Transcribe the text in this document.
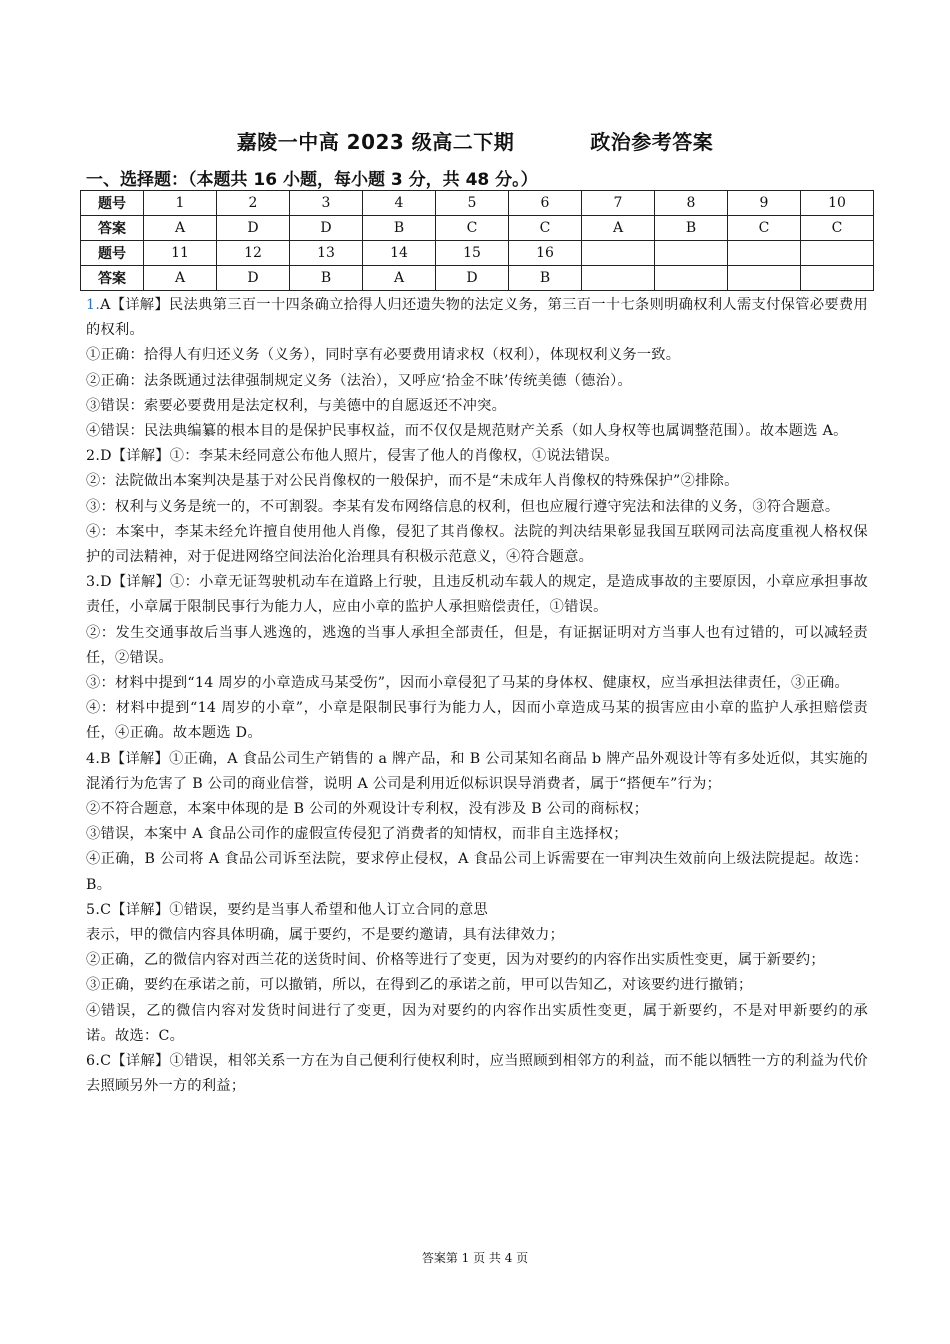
嘉陵一中高 2023 级高二下期	政治参考答案
一、选择题：（本题共 16 小题，每小题 3 分，共 48 分。）
题号	1	2	3	4	5	6	7	8	9	10
答案	A	D	D	B	C	C	A	B	C	C
题号	11	12	13	14	15	16				
答案	A	D	B	A	D	B				

1.A【详解】民法典第三百一十四条确立拾得人归还遗失物的法定义务，第三百一十七条则明确权利人需支付保管必要费用的权利。

①正确：拾得人有归还义务（义务），同时享有必要费用请求权（权利），体现权利义务一致。

②正确：法条既通过法律强制规定义务（法治），又呼应‘拾金不昧’传统美德（德治）。

③错误：索要必要费用是法定权利，与美德中的自愿返还不冲突。

④错误：民法典编纂的根本目的是保护民事权益，而不仅仅是规范财产关系（如人身权等也属调整范围）。故本题选 A。

2.D【详解】①：李某未经同意公布他人照片，侵害了他人的肖像权，①说法错误。

②：法院做出本案判决是基于对公民肖像权的一般保护，而不是“未成年人肖像权的特殊保护”②排除。

③：权利与义务是统一的，不可割裂。李某有发布网络信息的权利，但也应履行遵守宪法和法律的义务，③符合题意。

④：本案中，李某未经允许擅自使用他人肖像，侵犯了其肖像权。法院的判决结果彰显我国互联网司法高度重视人格权保护的司法精神，对于促进网络空间法治化治理具有积极示范意义，④符合题意。

3.D【详解】①：小章无证驾驶机动车在道路上行驶，且违反机动车载人的规定，是造成事故的主要原因，小章应承担事故责任，小章属于限制民事行为能力人，应由小章的监护人承担赔偿责任，①错误。

②：发生交通事故后当事人逃逸的，逃逸的当事人承担全部责任，但是，有证据证明对方当事人也有过错的，可以减轻责任，②错误。

③：材料中提到“14 周岁的小章造成马某受伤”，因而小章侵犯了马某的身体权、健康权，应当承担法律责任，③正确。

④：材料中提到“14 周岁的小章”，小章是限制民事行为能力人，因而小章造成马某的损害应由小章的监护人承担赔偿责任，④正确。故本题选 D。

4.B【详解】①正确，A 食品公司生产销售的 a 牌产品，和 B 公司某知名商品 b 牌产品外观设计等有多处近似，其实施的混淆行为危害了 B 公司的商业信誉，说明 A 公司是利用近似标识误导消费者，属于“搭便车”行为；

②不符合题意，本案中体现的是 B 公司的外观设计专利权，没有涉及 B 公司的商标权；

③错误，本案中 A 食品公司作的虚假宣传侵犯了消费者的知情权，而非自主选择权；

④正确，B 公司将 A 食品公司诉至法院，要求停止侵权，A 食品公司上诉需要在一审判决生效前向上级法院提起。故选：B。

5.C【详解】①错误，要约是当事人希望和他人订立合同的意思

表示，甲的微信内容具体明确，属于要约，不是要约邀请，具有法律效力；

②正确，乙的微信内容对西兰花的送货时间、价格等进行了变更，因为对要约的内容作出实质性变更，属于新要约；

③正确，要约在承诺之前，可以撤销，所以，在得到乙的承诺之前，甲可以告知乙，对该要约进行撤销；

④错误，乙的微信内容对发货时间进行了变更，因为对要约的内容作出实质性变更，属于新要约，不是对甲新要约的承诺。故选：C。

6.C【详解】①错误，相邻关系一方在为自己便利行使权利时，应当照顾到相邻方的利益，而不能以牺牲一方的利益为代价去照顾另外一方的利益；

答案第 1 页 共 4 页
